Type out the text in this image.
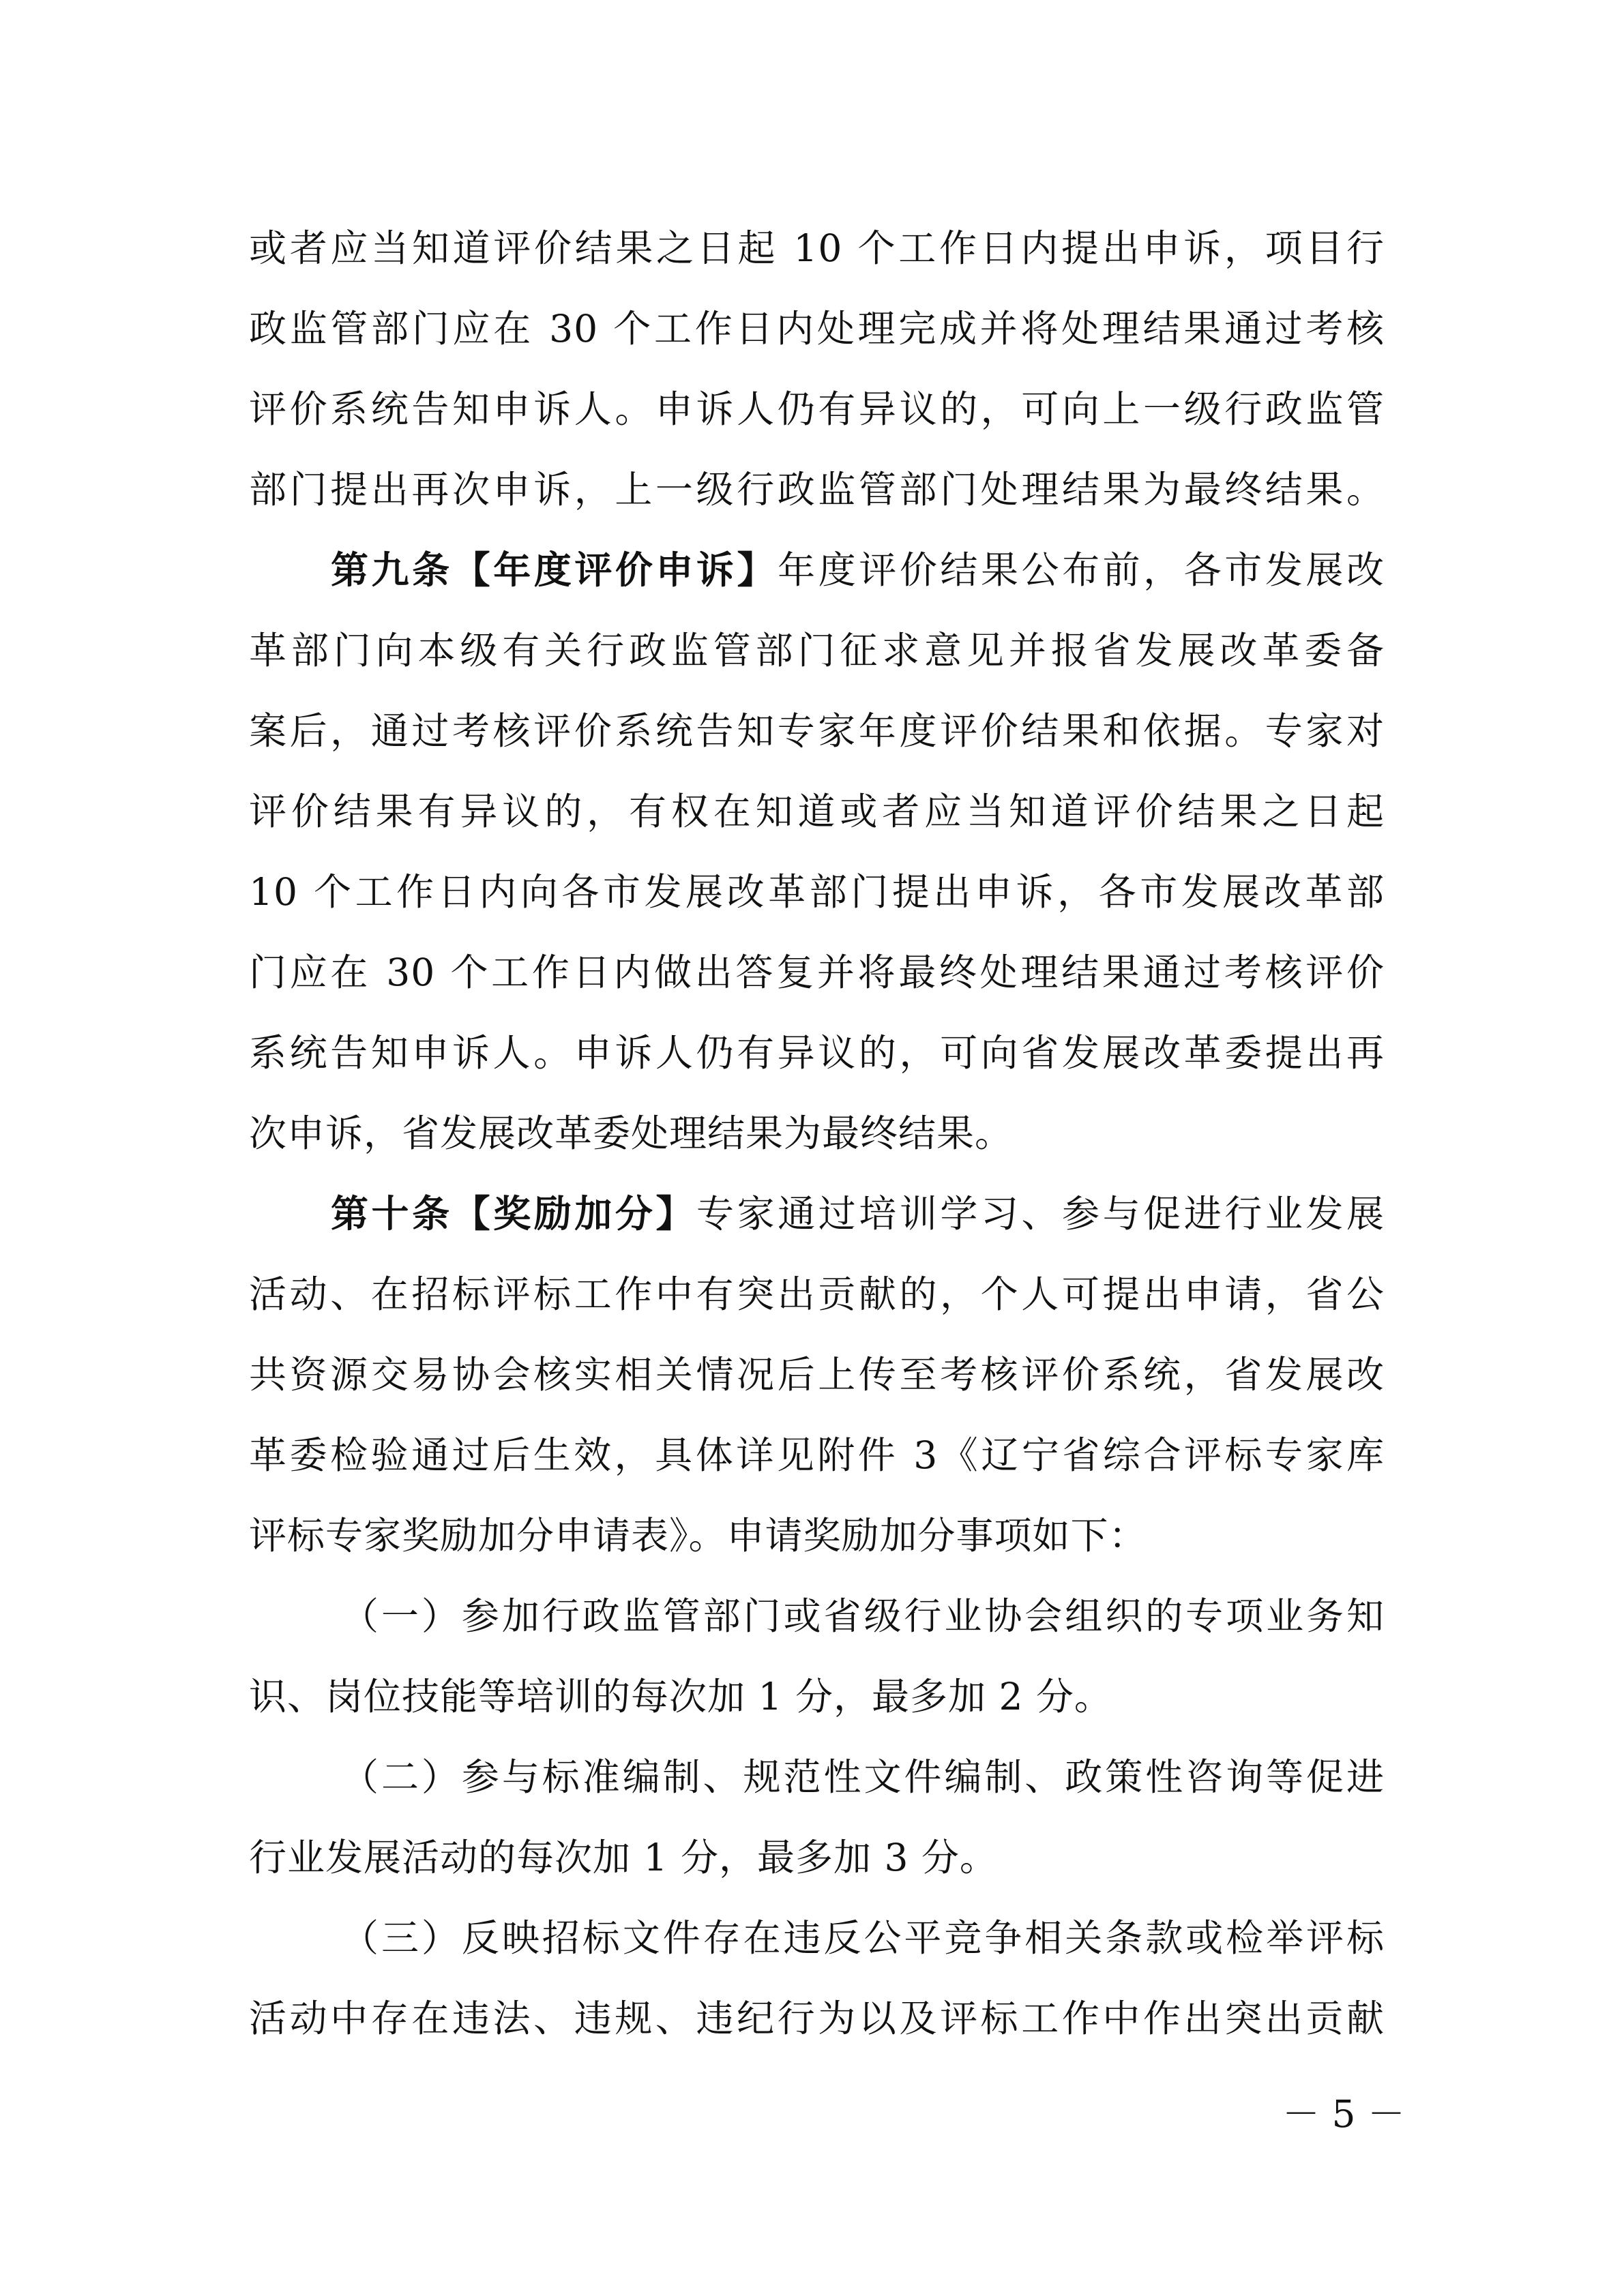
或者应当知道评价结果之日起 10 个工作日内提出申诉，项目行
政监管部门应在 30 个工作日内处理完成并将处理结果通过考核
评价系统告知申诉人。申诉人仍有异议的，可向上一级行政监管
部门提出再次申诉，上一级行政监管部门处理结果为最终结果。
第九条【年度评价申诉】年度评价结果公布前，各市发展改
革部门向本级有关行政监管部门征求意见并报省发展改革委备
案后，通过考核评价系统告知专家年度评价结果和依据。专家对
评价结果有异议的，有权在知道或者应当知道评价结果之日起
10 个工作日内向各市发展改革部门提出申诉，各市发展改革部
门应在 30 个工作日内做出答复并将最终处理结果通过考核评价
系统告知申诉人。申诉人仍有异议的，可向省发展改革委提出再
次申诉，省发展改革委处理结果为最终结果。
第十条【奖励加分】专家通过培训学习、参与促进行业发展
活动、在招标评标工作中有突出贡献的，个人可提出申请，省公
共资源交易协会核实相关情况后上传至考核评价系统，省发展改
革委检验通过后生效，具体详见附件 3《辽宁省综合评标专家库
评标专家奖励加分申请表》。申请奖励加分事项如下：
（一）参加行政监管部门或省级行业协会组织的专项业务知
识、岗位技能等培训的每次加 1 分，最多加 2 分。
（二）参与标准编制、规范性文件编制、政策性咨询等促进
行业发展活动的每次加 1 分，最多加 3 分。
（三）反映招标文件存在违反公平竞争相关条款或检举评标
活动中存在违法、违规、违纪行为以及评标工作中作出突出贡献
－ 5 －
